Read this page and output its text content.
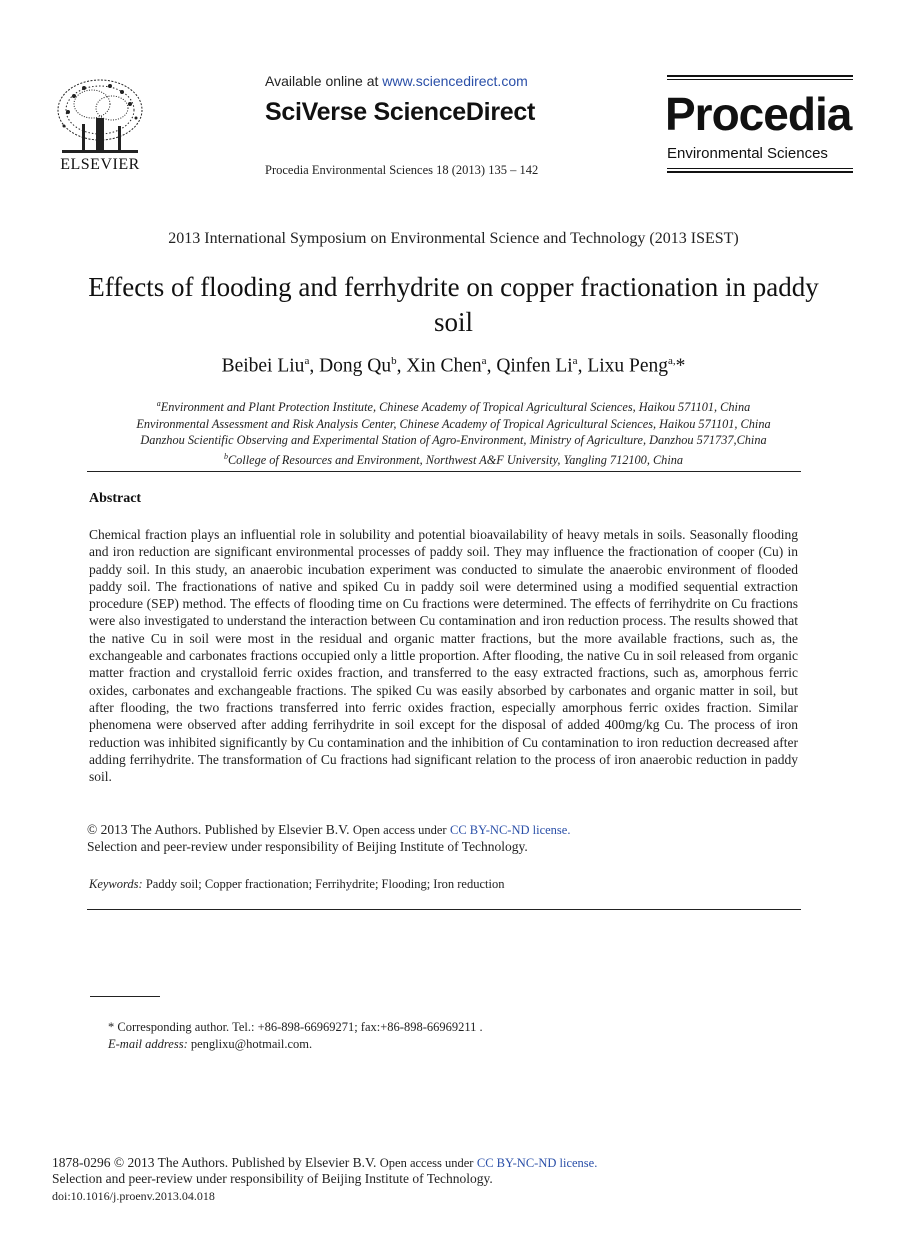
ELSEVIER
Available online at www.sciencedirect.com
SciVerse ScienceDirect
Procedia Environmental Sciences 18 (2013) 135 – 142
Procedia
Environmental Sciences
2013 International Symposium on Environmental Science and Technology (2013 ISEST)
Effects of flooding and ferrhydrite on copper fractionation in paddy soil
Beibei Liu$^a$, Dong Qu$^b$, Xin Chen$^a$, Qinfen Li$^a$, Lixu Peng$^{a,}$*
$^a$Environment and Plant Protection Institute, Chinese Academy of Tropical Agricultural Sciences, Haikou 571101, China
Environmental Assessment and Risk Analysis Center, Chinese Academy of Tropical Agricultural Sciences, Haikou 571101, China
Danzhou Scientific Observing and Experimental Station of Agro-Environment, Ministry of Agriculture, Danzhou 571737,China
$^b$College of Resources and Environment, Northwest A&F University, Yangling 712100, China
Abstract
Chemical fraction plays an influential role in solubility and potential bioavailability of heavy metals in soils. Seasonally flooding and iron reduction are significant environmental processes of paddy soil. They may influence the fractionation of cooper (Cu) in paddy soil. In this study, an anaerobic incubation experiment was conducted to simulate the anaerobic environment of flooded paddy soil. The fractionations of native and spiked Cu in paddy soil were determined using a modified sequential extraction procedure (SEP) method. The effects of flooding time on Cu fractions were determined. The effects of ferrihydrite on Cu fractions were also investigated to understand the interaction between Cu contamination and iron reduction process. The results showed that the native Cu in soil were most in the residual and organic matter fractions, but the more available fractions, such as, the exchangeable and carbonates fractions occupied only a little proportion. After flooding, the native Cu in soil released from organic matter fraction and crystalloid ferric oxides fraction, and transferred to the easy extracted fractions, such as, amorphous ferric oxides, carbonates and exchangeable fractions. The spiked Cu was easily absorbed by carbonates and organic matter in soil, but after flooding, the two fractions transferred into ferric oxides fraction, especially amorphous ferric oxides fraction. Similar phenomena were observed after adding ferrihydrite in soil except for the disposal of added 400mg/kg Cu. The process of iron reduction was inhibited significantly by Cu contamination and the inhibition of Cu contamination to iron reduction decreased after adding ferrihydrite. The transformation of Cu fractions had significant relation to the process of iron anaerobic reduction in paddy soil.
© 2013 The Authors. Published by Elsevier B.V. Open access under CC BY-NC-ND license.
Selection and peer-review under responsibility of Beijing Institute of Technology.
Keywords: Paddy soil; Copper fractionation; Ferrihydrite; Flooding; Iron reduction
* Corresponding author. Tel.: +86-898-66969271; fax:+86-898-66969211 .
E-mail address: penglixu@hotmail.com.
1878-0296 © 2013 The Authors. Published by Elsevier B.V. Open access under CC BY-NC-ND license.
Selection and peer-review under responsibility of Beijing Institute of Technology.
doi:10.1016/j.proenv.2013.04.018
